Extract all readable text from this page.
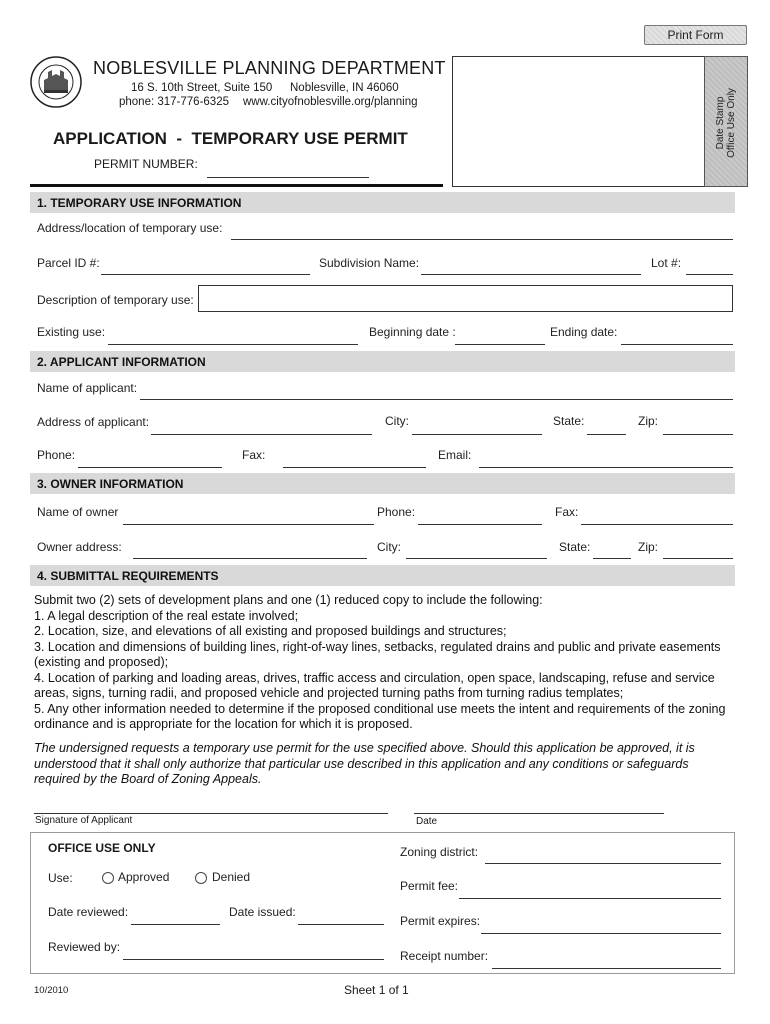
Print Form
NOBLESVILLE PLANNING DEPARTMENT
16 S. 10th Street, Suite 150 Noblesville, IN 46060
phone: 317-776-6325 www.cityofnoblesville.org/planning
APPLICATION  -  TEMPORARY USE PERMIT
PERMIT NUMBER:
Date Stamp Office Use Only
1. TEMPORARY USE INFORMATION
Address/location of temporary use:
Parcel ID #:	Subdivision Name:	Lot #:
Description of temporary use:
Existing use:	Beginning date :	Ending date:
2. APPLICANT INFORMATION
Name of applicant:
Address of applicant:	City:	State:	Zip:
Phone:	Fax:	Email:
3. OWNER INFORMATION
Name of owner	Phone:	Fax:
Owner address:	City:	State:	Zip:
4. SUBMITTAL REQUIREMENTS
Submit two (2) sets of development plans and one (1) reduced copy to include the following:
1. A legal description of the real estate involved;
2. Location, size, and elevations of all existing and proposed buildings and structures;
3. Location and dimensions of building lines, right-of-way lines, setbacks, regulated drains and public and private easements (existing and proposed);
4. Location of parking and loading areas, drives, traffic access and circulation, open space, landscaping, refuse and service areas, signs, turning radii, and proposed vehicle and projected turning paths from turning radius templates;
5. Any other information needed to determine if the proposed conditional use meets the intent and requirements of the zoning ordinance and is appropriate for the location for which it is proposed.
The undersigned requests a temporary use permit for the use specified above. Should this application be approved, it is understood that it shall only authorize that particular use described in this application and any conditions or safeguards required by the Board of Zoning Appeals.
Signature of Applicant	Date
OFFICE USE ONLY
Use:	Approved	Denied
Date reviewed:	Date issued:
Reviewed by:
Zoning district:
Permit fee:
Permit expires:
Receipt number:
10/2010	Sheet 1 of 1
